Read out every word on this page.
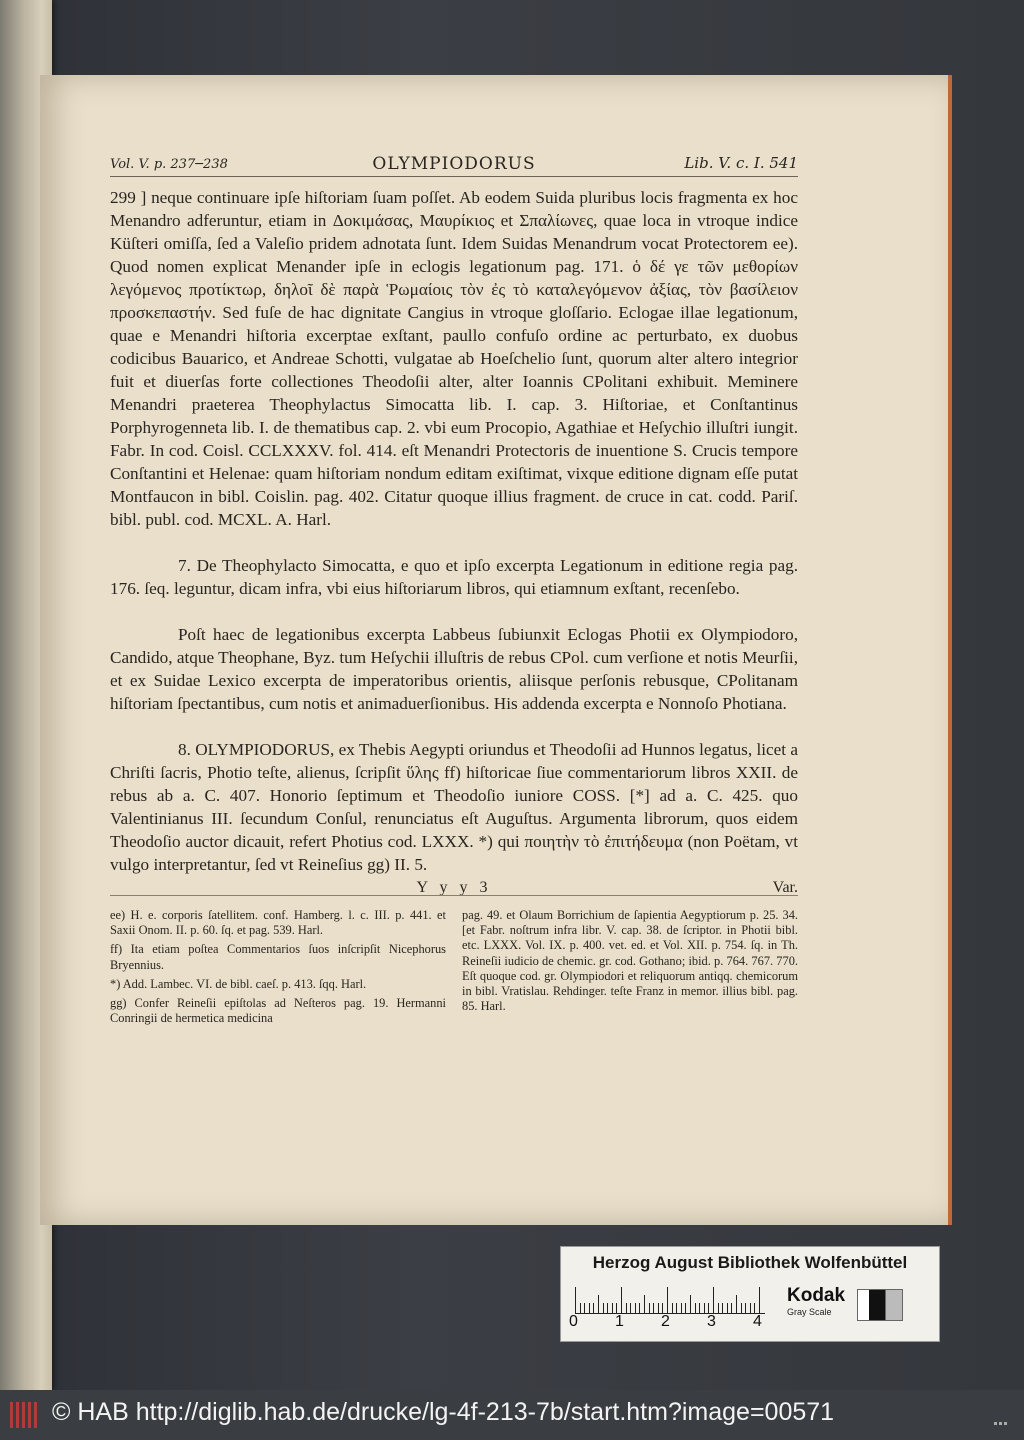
Vol. V. p. 237─238	OLYMPIODORUS	Lib. V. c. I. 541

299 ] neque continuare ipſe hiſtoriam ſuam poſſet. Ab eodem Suida pluribus locis fragmenta ex hoc Menandro adferuntur, etiam in Δοκιμάσας, Μαυρίκιος et Σπαλίωνες, quae loca in vtroque indice Küſteri omiſſa, ſed a Valeſio pridem adnotata ſunt. Idem Suidas Menandrum vocat Protectorem ee). Quod nomen explicat Menander ipſe in eclogis legationum pag. 171. ὁ δέ γε τῶν μεθορίων λεγόμενος προτίκτωρ, δηλοῖ δὲ παρὰ Ῥωμαίοις τὸν ἐς τὸ καταλεγόμενον ἀξίας, τὸν βασίλειον προσκεπαστήν. Sed fuſe de hac dignitate Cangius in vtroque gloſſario. Eclogae illae legationum, quae e Menandri hiſtoria excerptae exſtant, paullo confuſo ordine ac perturbato, ex duobus codicibus Bauarico, et Andreae Schotti, vulgatae ab Hoeſchelio ſunt, quorum alter altero integrior fuit et diuerſas forte collectiones Theodoſii alter, alter Ioannis CPolitani exhibuit. Meminere Menandri praeterea Theophylactus Simocatta lib. I. cap. 3. Hiſtoriae, et Conſtantinus Porphyrogenneta lib. I. de thematibus cap. 2. vbi eum Procopio, Agathiae et Heſychio illuſtri iungit. Fabr. In cod. Coisl. CCLXXXV. fol. 414. eſt Menandri Protectoris de inuentione S. Crucis tempore Conſtantini et Helenae: quam hiſtoriam nondum editam exiſtimat, vixque editione dignam eſſe putat Montfaucon in bibl. Coislin. pag. 402. Citatur quoque illius fragment. de cruce in cat. codd. Pariſ. bibl. publ. cod. MCXL. A. Harl.

7. De Theophylacto Simocatta, e quo et ipſo excerpta Legationum in editione regia pag. 176. ſeq. leguntur, dicam infra, vbi eius hiſtoriarum libros, qui etiamnum exſtant, recenſebo.

Poſt haec de legationibus excerpta Labbeus ſubiunxit Eclogas Photii ex Olympiodoro, Candido, atque Theophane, Byz. tum Heſychii illuſtris de rebus CPol. cum verſione et notis Meurſii, et ex Suidae Lexico excerpta de imperatoribus orientis, aliisque perſonis rebusque, CPolitanam hiſtoriam ſpectantibus, cum notis et animaduerſionibus. His addenda excerpta e Nonnoſo Photiana.

8. OLYMPIODORUS, ex Thebis Aegypti oriundus et Theodoſii ad Hunnos legatus, licet a Chriſti ſacris, Photio teſte, alienus, ſcripſit ὕλης ff) hiſtoricae ſiue commentariorum libros XXII. de rebus ab a. C. 407. Honorio ſeptimum et Theodoſio iuniore COSS. [*] ad a. C. 425. quo Valentinianus III. ſecundum Conſul, renunciatus eſt Auguſtus. Argumenta librorum, quos eidem Theodoſio auctor dicauit, refert Photius cod. LXXX. *) qui ποιητὴν τὸ ἐπιτήδευμα (non Poëtam, vt vulgo interpretantur, ſed vt Reineſius gg) II. 5.

Y y y 3	Var.

ee) H. e. corporis ſatellitem. conf. Hamberg. l. c. III. p. 441. et Saxii Onom. II. p. 60. ſq. et pag. 539. Harl.

ff) Ita etiam poſtea Commentarios ſuos inſcripſit Nicephorus Bryennius.

*) Add. Lambec. VI. de bibl. caeſ. p. 413. ſqq. Harl.

gg) Confer Reineſii epiſtolas ad Neſteros pag. 19. Hermanni Conringii de hermetica medicina

pag. 49. et Olaum Borrichium de ſapientia Aegyptiorum p. 25. 34. [et Fabr. noſtrum infra libr. V. cap. 38. de ſcriptor. in Photii bibl. etc. LXXX. Vol. IX. p. 400. vet. ed. et Vol. XII. p. 754. ſq. in Th. Reineſii iudicio de chemic. gr. cod. Gothano; ibid. p. 764. 767. 770. Eſt quoque cod. gr. Olympiodori et reliquorum antiqq. chemicorum in bibl. Vratislau. Rehdinger. teſte Franz in memor. illius bibl. pag. 85. Harl.

Herzog August Bibliothek Wolfenbüttel
0 1 2 3 4
Kodak
Gray Scale
© HAB http://diglib.hab.de/drucke/lg-4f-213-7b/start.htm?image=00571
